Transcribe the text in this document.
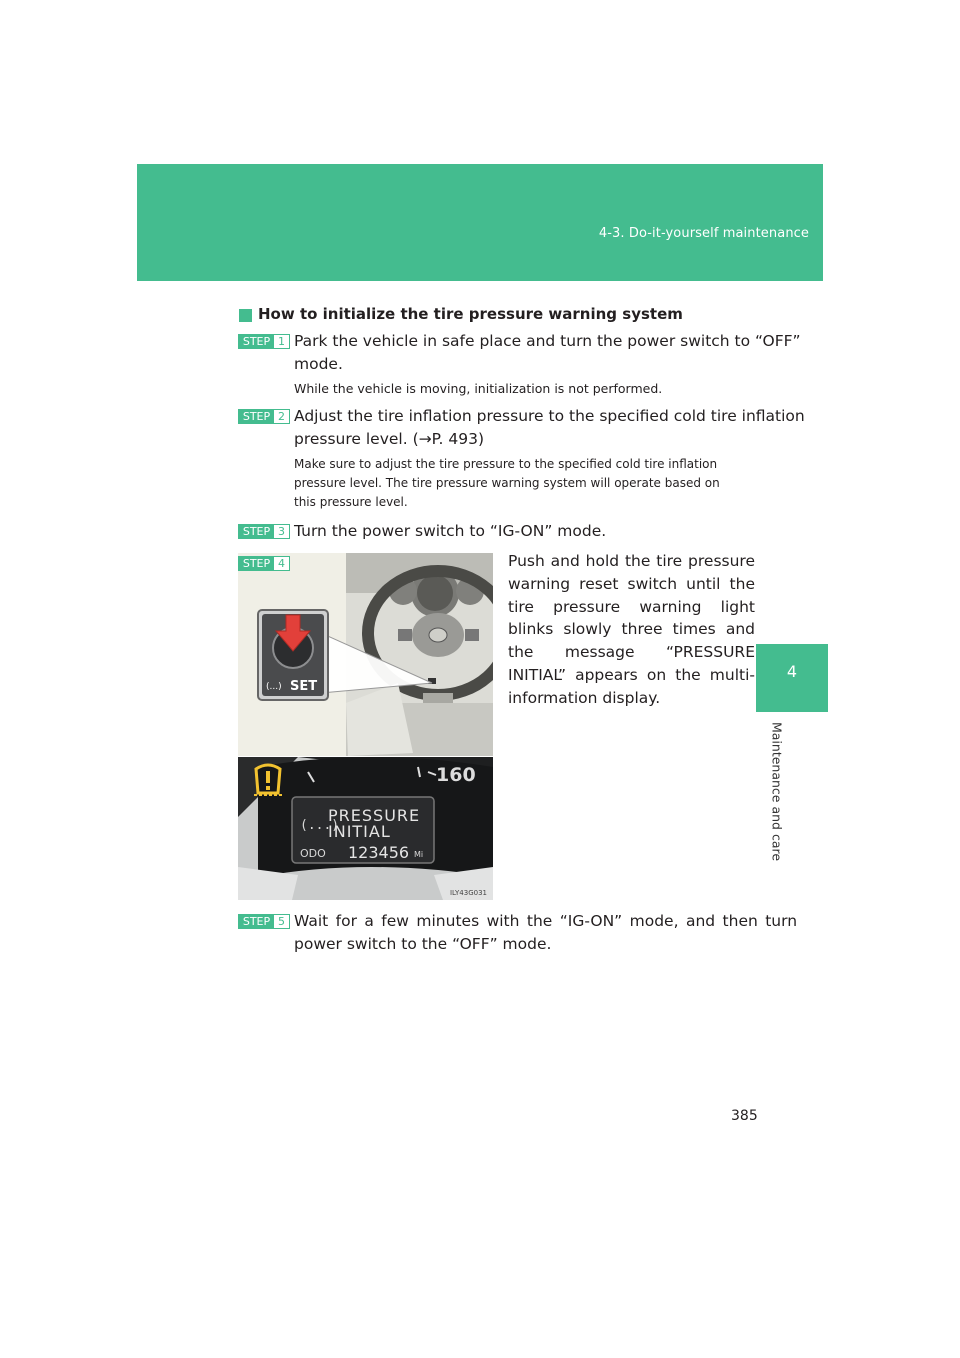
4-3. Do-it-yourself maintenance
4
Maintenance and care
How to initialize the tire pressure warning system
STEP 1 Park the vehicle in safe place and turn the power switch to “OFF”
mode.
While the vehicle is moving, initialization is not performed.
STEP 2 Adjust the tire inflation pressure to the specified cold tire inflation
pressure level. (→P. 493)
Make sure to adjust the tire pressure to the specified cold tire inflation
pressure level. The tire pressure warning system will operate based on
this pressure level.
STEP 3 Turn the power switch to “IG-ON” mode.
(...) SET
160
(...)
PRESSURE
INITIAL
ODO 123456 Mi
ILY43G031
STEP 4	Push and hold the tire pressure warning reset switch until the tire pressure warning light blinks slowly three times and the message “PRESSURE INITIAL” appears on the multi-information display.
STEP 5 Wait for a few minutes with the “IG-ON” mode, and then turn
power switch to the “OFF” mode.
385
